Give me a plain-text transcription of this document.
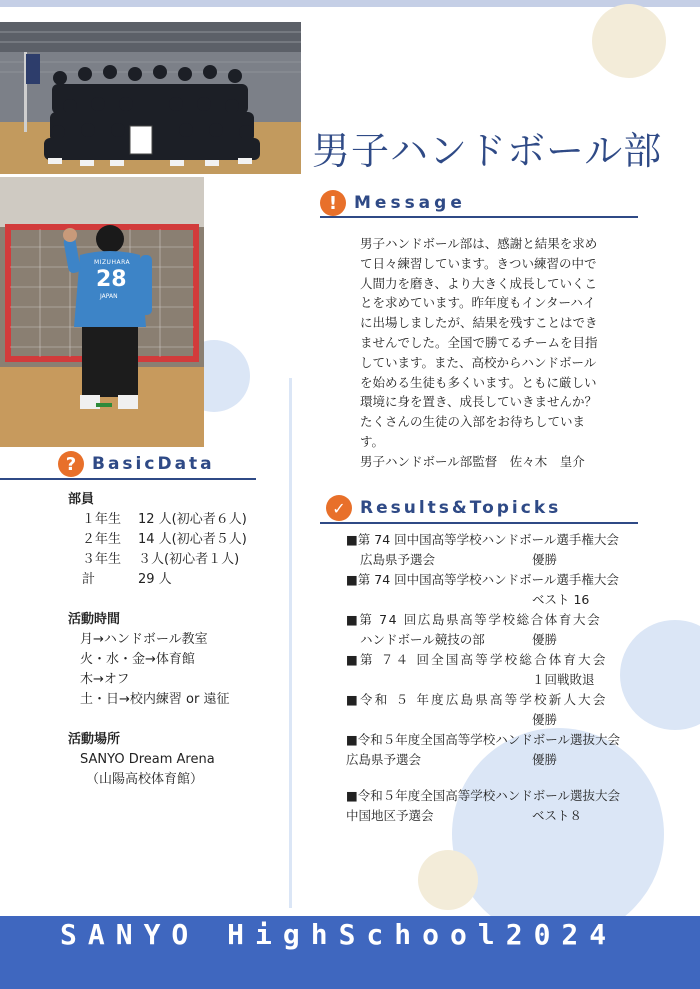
MIZUHARA
28
JAPAN
男子ハンドボール部
! Message

男子ハンドボール部は、感謝と結果を求め

て日々練習しています。きつい練習の中で

人間力を磨き、より大きく成長していくこ

とを求めています。昨年度もインターハイ

に出場しましたが、結果を残すことはでき

ませんでした。全国で勝てるチームを目指

しています。また、高校からハンドボール

を始める生徒も多くいます。ともに厳しい

環境に身を置き、成長していきませんか？

たくさんの生徒の入部をお待ちしていま

す。

男子ハンドボール部監督　佐々木　皇介

✓ Results&Topicks
■第 74 回中国高等学校ハンドボール選手権大会
広島県予選会	優勝
■第 74 回中国高等学校ハンドボール選手権大会
ベスト 16
■第 74 回広島県高等学校総合体育大会
ハンドボール競技の部	優勝
■第 ７４ 回全国高等学校総合体育大会
１回戦敗退
■令和 ５ 年度広島県高等学校新人大会
優勝
■令和５年度全国高等学校ハンドボール選抜大会
広島県予選会	優勝
■令和５年度全国高等学校ハンドボール選抜大会
中国地区予選会	ベスト８
? BasicData
部員
１年生 12 人(初心者６人)
２年生 14 人(初心者５人)
３年生 ３人(初心者１人)
計	29 人
活動時間
月→ハンドボール教室
火・水・金→体育館
木→オフ
土・日→校内練習 or 遠征
活動場所
SANYO Dream Arena
（山陽高校体育館）
SANYO HighSchool2024
